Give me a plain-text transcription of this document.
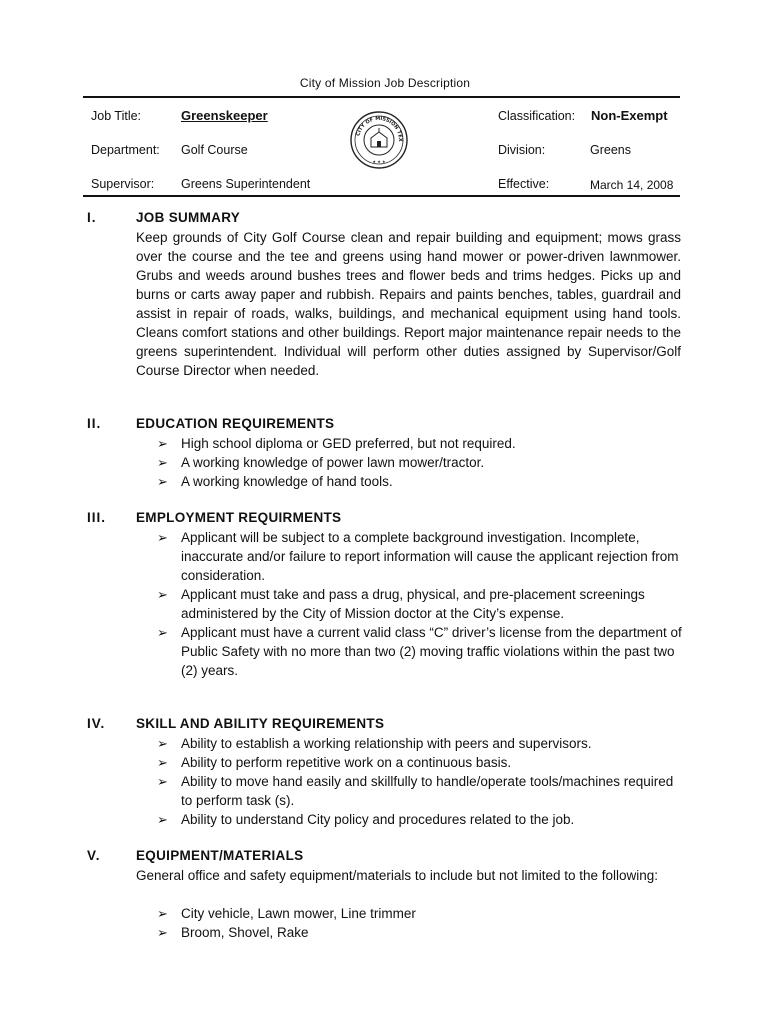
City of Mission Job Description
Job Title:	Greenskeeper	Classification: Non-Exempt
Department: Golf Course	Division:	Greens
Supervisor: Greens Superintendent	Effective:	March 14, 2008
CITY OF MISSION TEX
★ ★ ★
I.	JOB SUMMARY
Keep grounds of City Golf Course clean and repair building and equipment; mows grass over the course and the tee and greens using hand mower or power-driven lawnmower. Grubs and weeds around bushes trees and flower beds and trims hedges. Picks up and burns or carts away paper and rubbish. Repairs and paints benches, tables, guardrail and assist in repair of roads, walks, buildings, and mechanical equipment using hand tools. Cleans comfort stations and other buildings. Report major maintenance repair needs to the greens superintendent. Individual will perform other duties assigned by Supervisor/Golf Course Director when needed.
II.	EDUCATION REQUIREMENTS
➢ High school diploma or GED preferred, but not required.
➢ A working knowledge of power lawn mower/tractor.
➢ A working knowledge of hand tools.
III. EMPLOYMENT REQUIRMENTS
➢ Applicant will be subject to a complete background investigation. Incomplete, inaccurate and/or failure to report information will cause the applicant rejection from consideration.
➢ Applicant must take and pass a drug, physical, and pre-placement screenings administered by the City of Mission doctor at the City’s expense.
➢ Applicant must have a current valid class “C” driver’s license from the department of Public Safety with no more than two (2) moving traffic violations within the past two (2) years.
IV. SKILL AND ABILITY REQUIREMENTS
➢ Ability to establish a working relationship with peers and supervisors.
➢ Ability to perform repetitive work on a continuous basis.
➢ Ability to move hand easily and skillfully to handle/operate tools/machines required to perform task (s).
➢ Ability to understand City policy and procedures related to the job.
V.	EQUIPMENT/MATERIALS
General office and safety equipment/materials to include but not limited to the following:
➢ City vehicle, Lawn mower, Line trimmer
➢ Broom, Shovel, Rake
